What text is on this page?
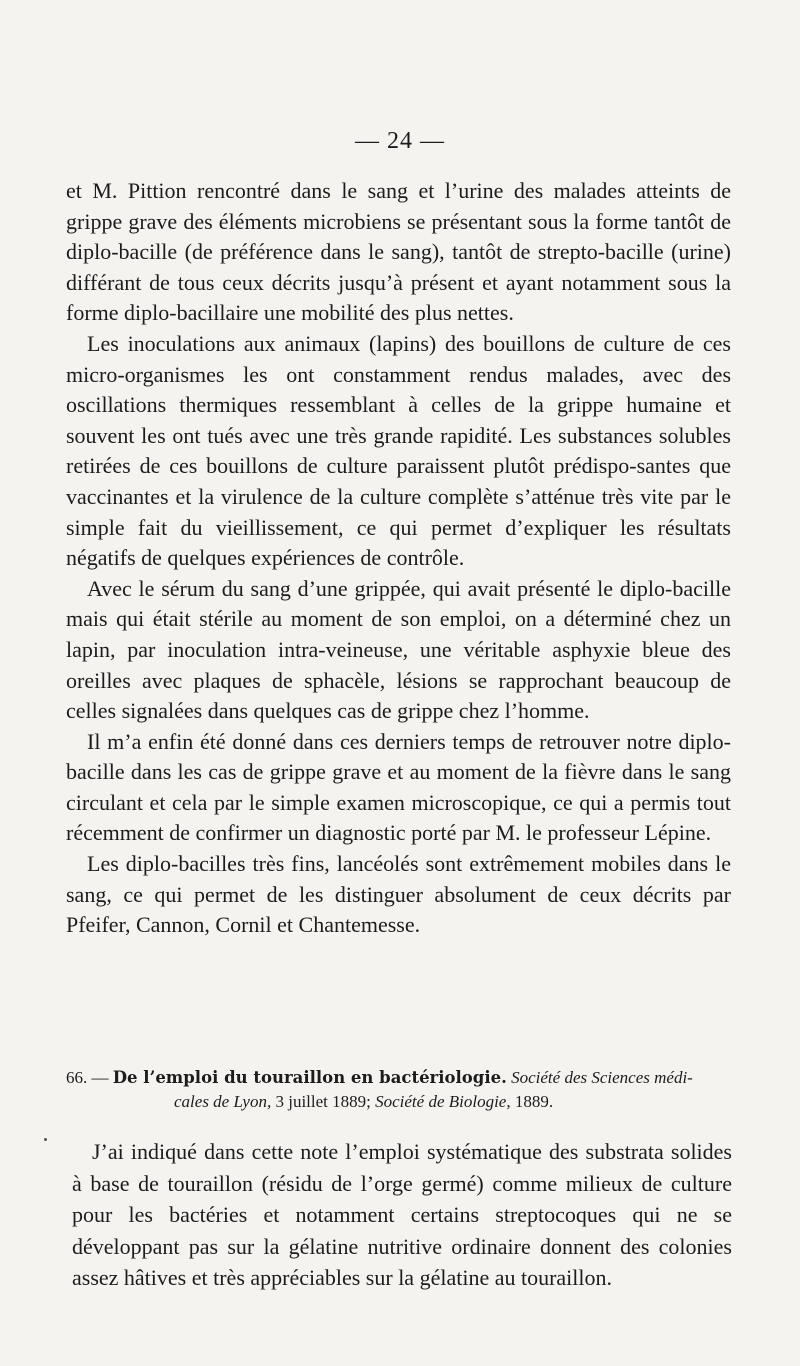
— 24 —

et M. Pittion rencontré dans le sang et l’urine des malades atteints de grippe grave des éléments microbiens se présentant sous la forme tantôt de diplo-bacille (de préférence dans le sang), tantôt de strepto-bacille (urine) différant de tous ceux décrits jusqu’à présent et ayant notamment sous la forme diplo-bacillaire une mobilité des plus nettes.

Les inoculations aux animaux (lapins) des bouillons de culture de ces micro-organismes les ont constamment rendus malades, avec des oscillations thermiques ressemblant à celles de la grippe humaine et souvent les ont tués avec une très grande rapidité. Les substances solubles retirées de ces bouillons de culture paraissent plutôt prédispo-santes que vaccinantes et la virulence de la culture complète s’atténue très vite par le simple fait du vieillissement, ce qui permet d’expliquer les résultats négatifs de quelques expériences de contrôle.

Avec le sérum du sang d’une grippée, qui avait présenté le diplo-bacille mais qui était stérile au moment de son emploi, on a déterminé chez un lapin, par inoculation intra-veineuse, une véritable asphyxie bleue des oreilles avec plaques de sphacèle, lésions se rapprochant beaucoup de celles signalées dans quelques cas de grippe chez l’homme.

Il m’a enfin été donné dans ces derniers temps de retrouver notre diplo-bacille dans les cas de grippe grave et au moment de la fièvre dans le sang circulant et cela par le simple examen microscopique, ce qui a permis tout récemment de confirmer un diagnostic porté par M. le professeur Lépine.

Les diplo-bacilles très fins, lancéolés sont extrêmement mobiles dans le sang, ce qui permet de les distinguer absolument de ceux décrits par Pfeifer, Cannon, Cornil et Chantemesse.

66. — De l’emploi du touraillon en bactériologie. Société des Sciences médi-
cales de Lyon, 3 juillet 1889; Société de Biologie, 1889.

J’ai indiqué dans cette note l’emploi systématique des substrata solides à base de touraillon (résidu de l’orge germé) comme milieux de culture pour les bactéries et notamment certains streptocoques qui ne se développant pas sur la gélatine nutritive ordinaire donnent des colonies assez hâtives et très appréciables sur la gélatine au touraillon.
